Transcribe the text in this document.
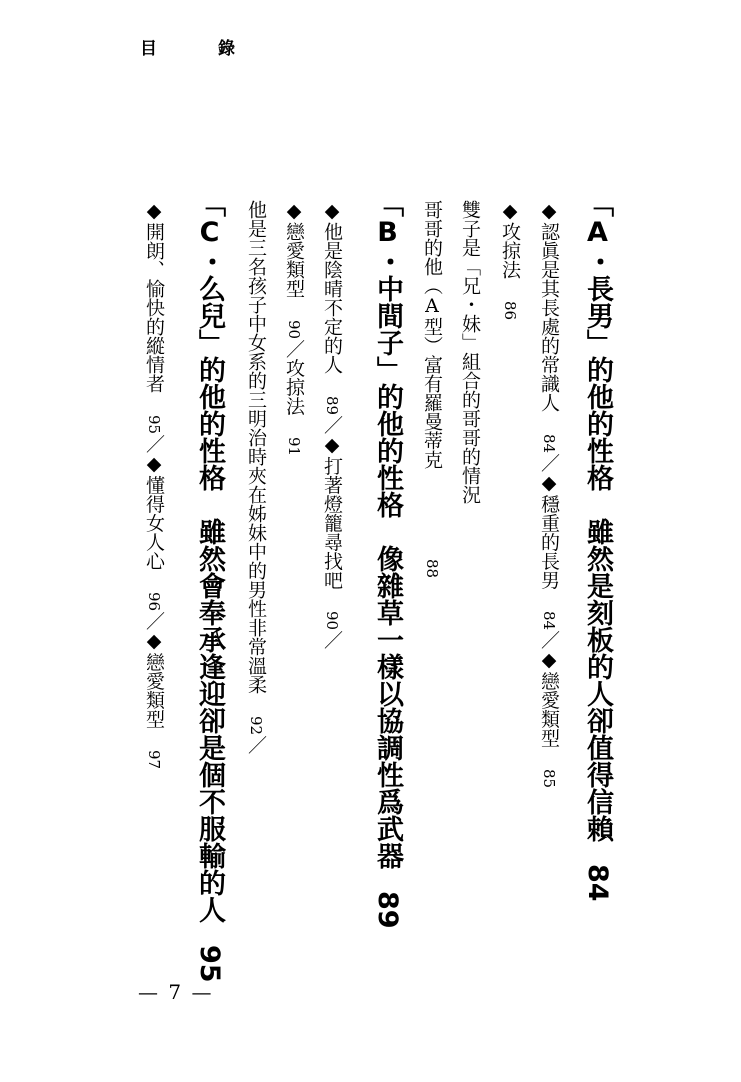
目　錄
「A・長男」的他的性格　雖然是刻板的人卻值得信賴84
◆認眞是其長處的常識人84／◆穩重的長男84／◆戀愛類型85
◆攻掠法86
雙子是「兄・妹」組合的哥哥的情況
哥哥的他（A型）富有羅曼蒂克88
「B・中間子」的他的性格　像雜草一樣以協調性爲武器89
◆他是陰晴不定的人89／◆打著燈籠尋找吧90／
◆戀愛類型90／攻掠法91
他是三名孩子中女系的三明治時夾在姊妹中的男性非常溫柔92／
「C・么兒」的他的性格　雖然會奉承逢迎卻是個不服輸的人95
◆開朗、愉快的縱情者95／◆懂得女人心96／◆戀愛類型97
— 7 —
